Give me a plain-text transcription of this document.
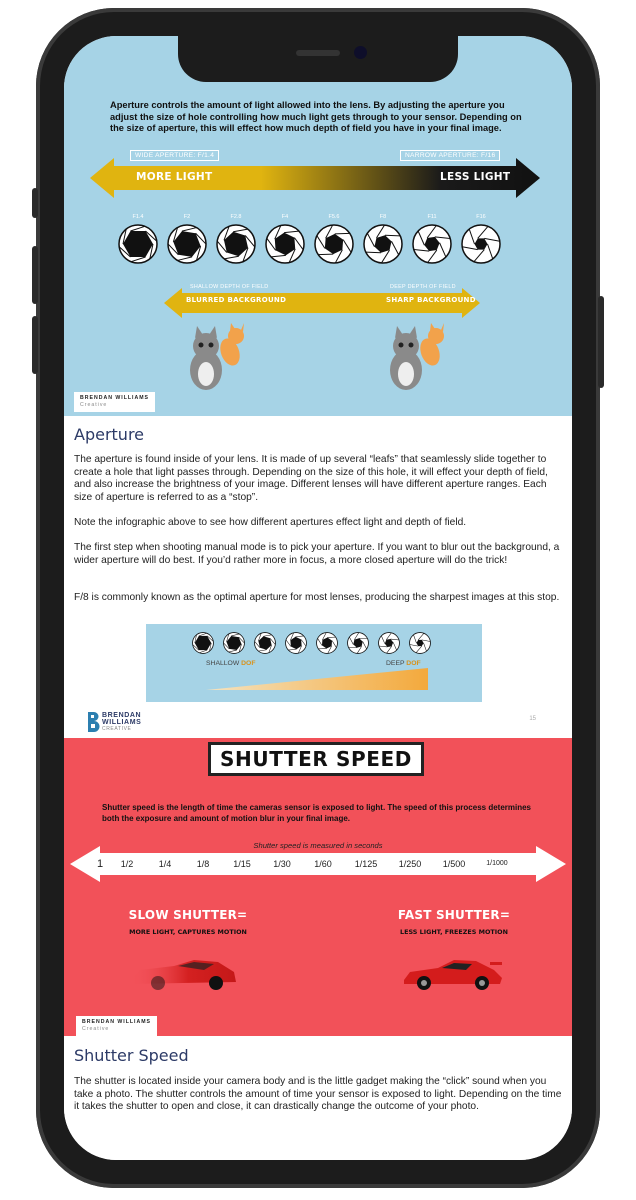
Aperture controls the amount of light allowed into the lens. By adjusting the aperture you adjust the size of hole controlling how much light gets through to your sensor. Depending on the size of aperture, this will effect how much depth of field you have in your final image.
WIDE APERTURE: F/1.4	NARROW APERTURE: F/16
MORE LIGHT	LESS LIGHT
F1.4	F2	F2.8	F4	F5.6	F8	F11	F16
SHALLOW DEPTH OF FIELD	DEEP DEPTH OF FIELD
BLURRED BACKGROUND	SHARP BACKGROUND
BRENDAN WILLIAMS
Creative
Aperture

The aperture is found inside of your lens. It is made of up several “leafs” that seamlessly slide together to create a hole that light passes through. Depending on the size of this hole, it will effect your depth of field, and also increase the brightness of your image. Different lenses will have different aperture ranges. Each size of aperture is referred to as a “stop”.

Note the infographic above to see how different apertures effect light and depth of field.

The first step when shooting manual mode is to pick your aperture. If you want to blur out the background, a wider aperture will do best. If you’d rather more in focus, a more closed aperture will do the trick!

F/8 is commonly known as the optimal aperture for most lenses, producing the sharpest images at this stop.

SHALLOW DOF	DEEP DOF
BRENDAN
WILLIAMS
CREATIVE
15
SHUTTER SPEED
Shutter speed is the length of time the cameras sensor is exposed to light. The speed of this process determines both the exposure and amount of motion blur in your final image.
Shutter speed is measured in seconds
1	1/2	1/4	1/8	1/15	1/30	1/60	1/125	1/250	1/500	1/1000
SLOW SHUTTER=
MORE LIGHT, CAPTURES MOTION
FAST SHUTTER=
LESS LIGHT, FREEZES MOTION
BRENDAN WILLIAMS
Creative
Shutter Speed

The shutter is located inside your camera body and is the little gadget making the “click” sound when you take a photo. The shutter controls the amount of time your sensor is exposed to light. Depending on the time it takes the shutter to open and close, it can drastically change the outcome of your photo.
